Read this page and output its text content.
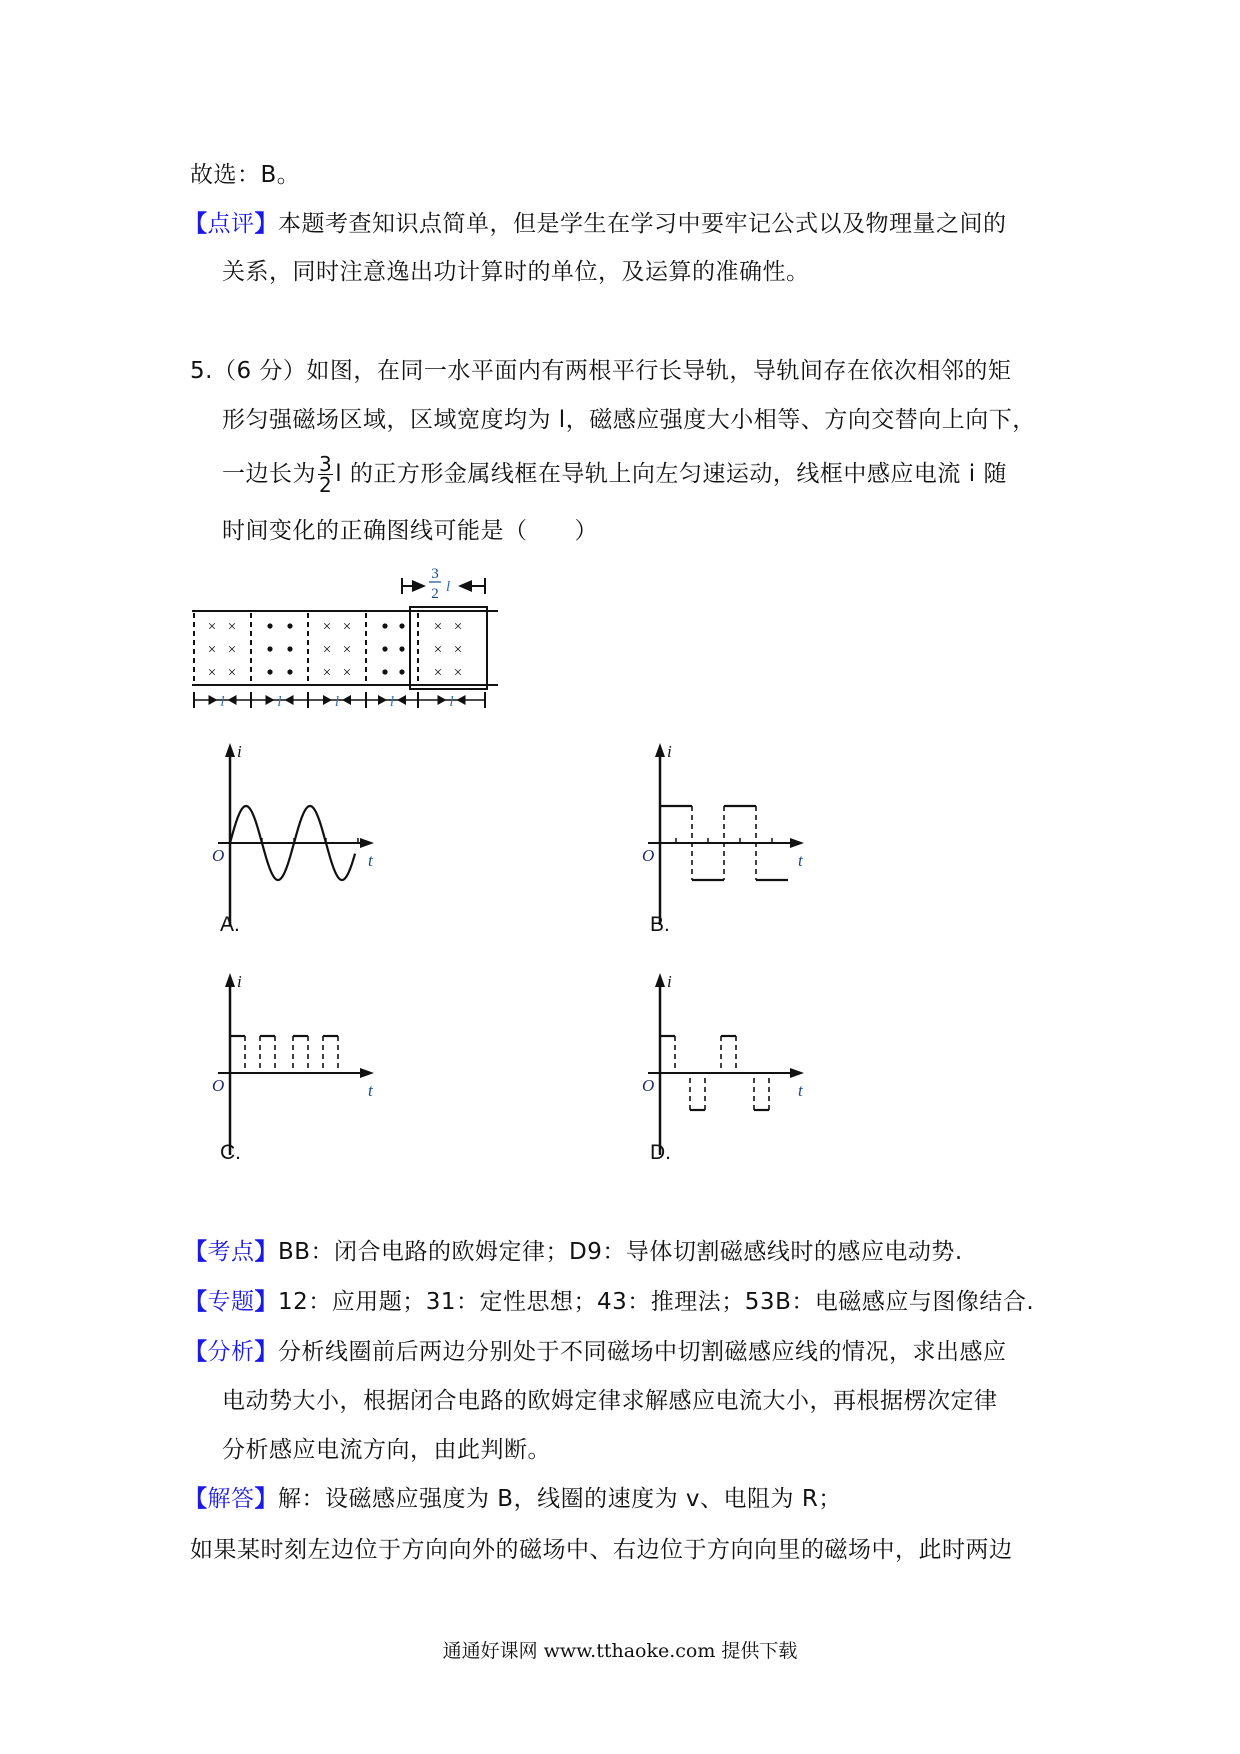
故选：B。
【点评】本题考查知识点简单，但是学生在学习中要牢记公式以及物理量之间的
关系，同时注意逸出功计算时的单位，及运算的准确性。
5.（6 分）如图，在同一水平面内有两根平行长导轨，导轨间存在依次相邻的矩
形匀强磁场区域，区域宽度均为 l，磁感应强度大小相等、方向交替向上向下，
一边长为 $\frac{3}{2}$ l 的正方形金属线框在导轨上向左匀速运动，线框中感应电流 i 随
时间变化的正确图线可能是（　　）
3
2 l
×
×
×
×
×
×
×
×
×
×
×
×
×
×
×
×
×
×
l	l	l	l	l
i
t
O
A.
i
t
O
B.
i
t
O
C.
i
t
O
D.
【考点】BB：闭合电路的欧姆定律；D9：导体切割磁感线时的感应电动势.
【专题】12：应用题；31：定性思想；43：推理法；53B：电磁感应与图像结合.
【分析】分析线圈前后两边分别处于不同磁场中切割磁感应线的情况，求出感应
电动势大小，根据闭合电路的欧姆定律求解感应电流大小，再根据楞次定律
分析感应电流方向，由此判断。
【解答】解：设磁感应强度为 B，线圈的速度为 v、电阻为 R；
如果某时刻左边位于方向向外的磁场中、右边位于方向向里的磁场中，此时两边
通通好课网 www.tthaoke.com 提供下载
